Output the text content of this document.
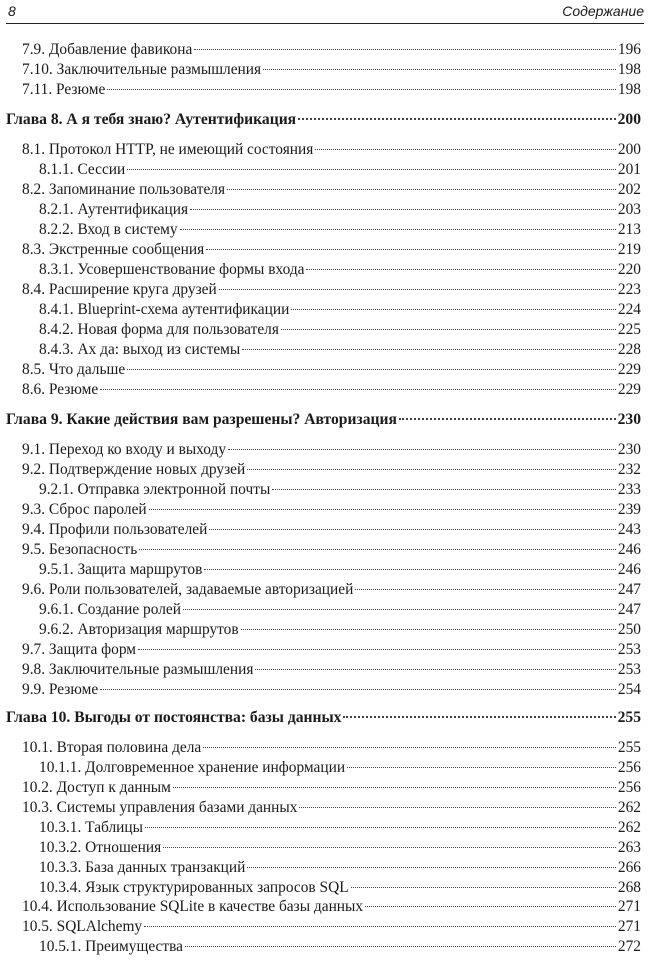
8	Содержание
7.9. Добавление фавикона	196
7.10. Заключительные размышления	198
7.11. Резюме	198
Глава 8. А я тебя знаю? Аутентификация	200
8.1. Протокол HTTP, не имеющий состояния	200
8.1.1. Сессии	201
8.2. Запоминание пользователя	202
8.2.1. Аутентификация	203
8.2.2. Вход в систему	213
8.3. Экстренные сообщения	219
8.3.1. Усовершенствование формы входа	220
8.4. Расширение круга друзей	223
8.4.1. Blueprint-схема аутентификации	224
8.4.2. Новая форма для пользователя	225
8.4.3. Ах да: выход из системы	228
8.5. Что дальше	229
8.6. Резюме	229
Глава 9. Какие действия вам разрешены? Авторизация	230
9.1. Переход ко входу и выходу	230
9.2. Подтверждение новых друзей	232
9.2.1. Отправка электронной почты	233
9.3. Сброс паролей	239
9.4. Профили пользователей	243
9.5. Безопасность	246
9.5.1. Защита маршрутов	246
9.6. Роли пользователей, задаваемые авторизацией	247
9.6.1. Создание ролей	247
9.6.2. Авторизация маршрутов	250
9.7. Защита форм	253
9.8. Заключительные размышления	253
9.9. Резюме	254
Глава 10. Выгоды от постоянства: базы данных	255
10.1. Вторая половина дела	255
10.1.1. Долговременное хранение информации	256
10.2. Доступ к данным	256
10.3. Системы управления базами данных	262
10.3.1. Таблицы	262
10.3.2. Отношения	263
10.3.3. База данных транзакций	266
10.3.4. Язык структурированных запросов SQL	268
10.4. Использование SQLite в качестве базы данных	271
10.5. SQLAlchemy	271
10.5.1. Преимущества	272
